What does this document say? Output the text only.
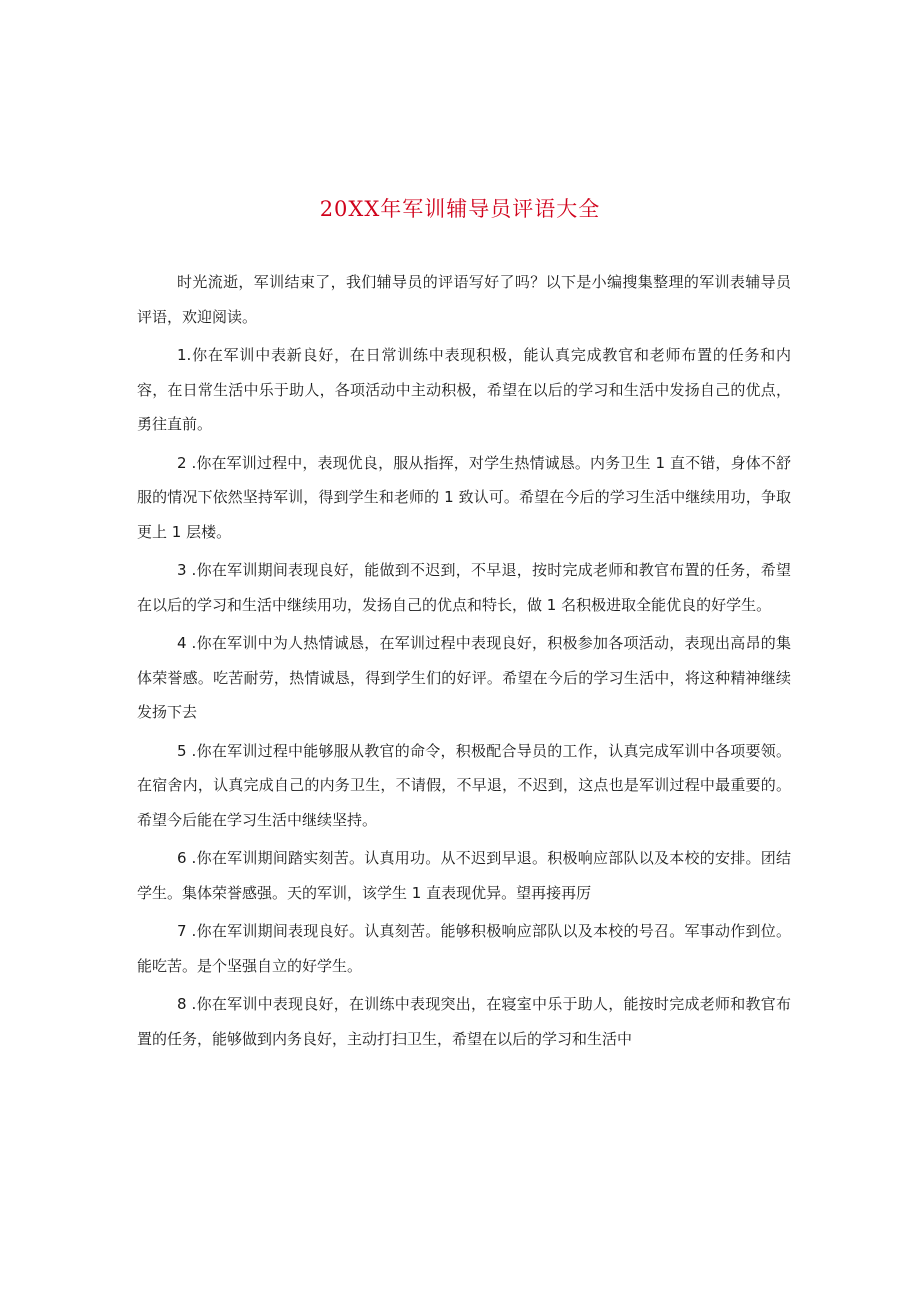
20XX年军训辅导员评语大全

时光流逝，军训结束了，我们辅导员的评语写好了吗？以下是小编搜集整理的军训表辅导员评语，欢迎阅读。

1.你在军训中表新良好，在日常训练中表现积极，能认真完成教官和老师布置的任务和内容，在日常生活中乐于助人，各项活动中主动积极，希望在以后的学习和生活中发扬自己的优点，勇往直前。

2 .你在军训过程中，表现优良，服从指挥，对学生热情诚恳。内务卫生 1 直不错，身体不舒服的情况下依然坚持军训，得到学生和老师的 1 致认可。希望在今后的学习生活中继续用功，争取更上 1 层楼。

3 .你在军训期间表现良好，能做到不迟到，不早退，按时完成老师和教官布置的任务，希望在以后的学习和生活中继续用功，发扬自己的优点和特长，做 1 名积极进取全能优良的好学生。

4 .你在军训中为人热情诚恳，在军训过程中表现良好，积极参加各项活动，表现出高昂的集体荣誉感。吃苦耐劳，热情诚恳，得到学生们的好评。希望在今后的学习生活中，将这种精神继续发扬下去

5 .你在军训过程中能够服从教官的命令，积极配合导员的工作，认真完成军训中各项要领。在宿舍内，认真完成自己的内务卫生，不请假，不早退，不迟到，这点也是军训过程中最重要的。希望今后能在学习生活中继续坚持。

6 .你在军训期间踏实刻苦。认真用功。从不迟到早退。积极响应部队以及本校的安排。团结学生。集体荣誉感强。天的军训，该学生 1 直表现优异。望再接再厉

7 .你在军训期间表现良好。认真刻苦。能够积极响应部队以及本校的号召。军事动作到位。能吃苦。是个坚强自立的好学生。

8 .你在军训中表现良好，在训练中表现突出，在寝室中乐于助人，能按时完成老师和教官布置的任务，能够做到内务良好，主动打扫卫生，希望在以后的学习和生活中
